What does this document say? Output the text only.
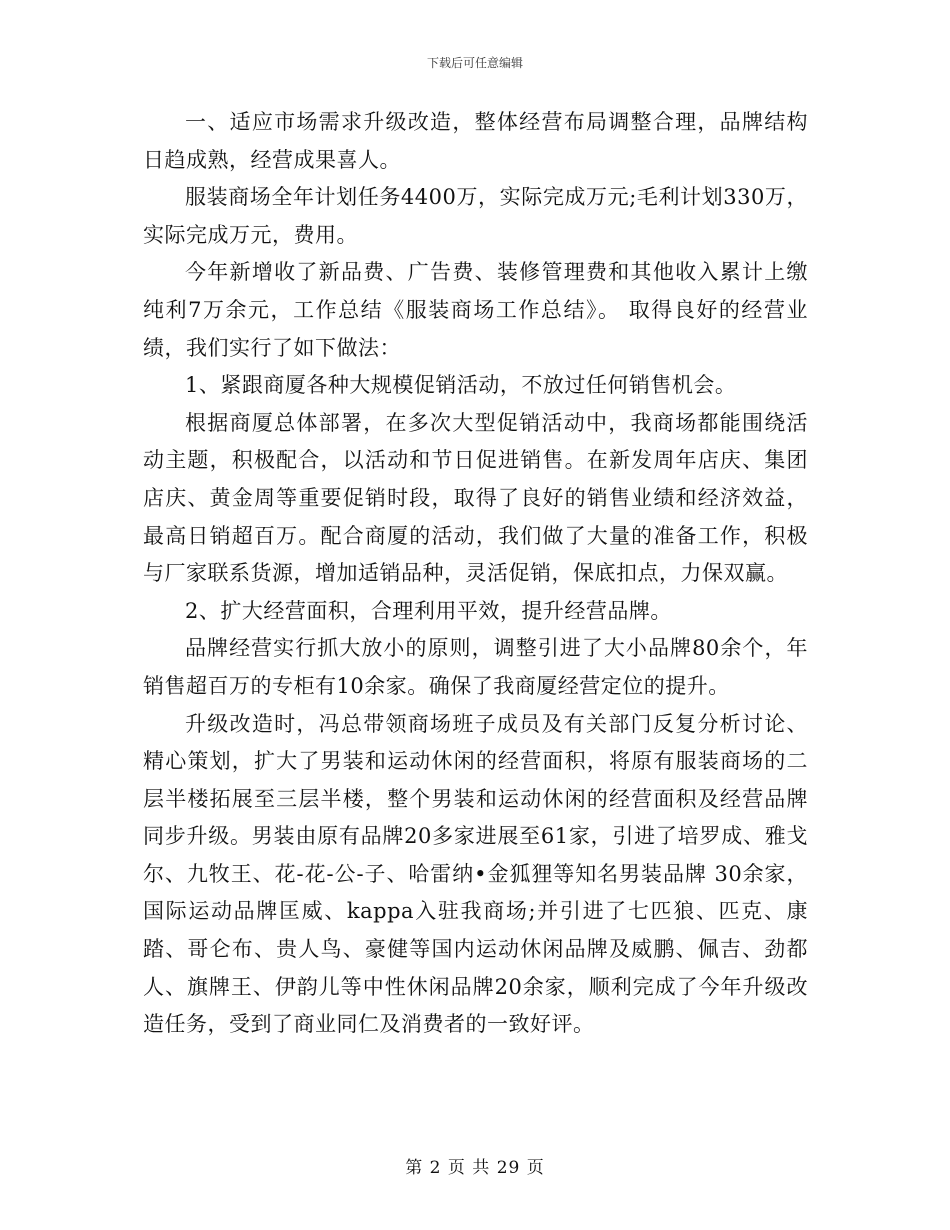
下载后可任意编辑

一、适应市场需求升级改造，整体经营布局调整合理，品牌结构日趋成熟，经营成果喜人。

服装商场全年计划任务4400万，实际完成万元;毛利计划330万，实际完成万元，费用。

今年新增收了新品费、广告费、装修管理费和其他收入累计上缴纯利7万余元，工作总结《服装商场工作总结》。 取得良好的经营业绩，我们实行了如下做法：

1、紧跟商厦各种大规模促销活动，不放过任何销售机会。

根据商厦总体部署，在多次大型促销活动中，我商场都能围绕活动主题，积极配合，以活动和节日促进销售。在新发周年店庆、集团店庆、黄金周等重要促销时段，取得了良好的销售业绩和经济效益，最高日销超百万。配合商厦的活动，我们做了大量的准备工作，积极与厂家联系货源，增加适销品种，灵活促销，保底扣点，力保双赢。

2、扩大经营面积，合理利用平效，提升经营品牌。

品牌经营实行抓大放小的原则，调整引进了大小品牌80余个，年销售超百万的专柜有10余家。确保了我商厦经营定位的提升。

升级改造时，冯总带领商场班子成员及有关部门反复分析讨论、精心策划，扩大了男装和运动休闲的经营面积，将原有服装商场的二层半楼拓展至三层半楼，整个男装和运动休闲的经营面积及经营品牌同步升级。男装由原有品牌20多家进展至61家，引进了培罗成、雅戈尔、九牧王、花-花-公-子、哈雷纳•金狐狸等知名男装品牌 30余家，国际运动品牌匡威、kappa入驻我商场;并引进了七匹狼、匹克、康踏、哥仑布、贵人鸟、豪健等国内运动休闲品牌及威鹏、佩吉、劲都人、旗牌王、伊韵儿等中性休闲品牌20余家，顺利完成了今年升级改造任务，受到了商业同仁及消费者的一致好评。

第 2 页 共 29 页
